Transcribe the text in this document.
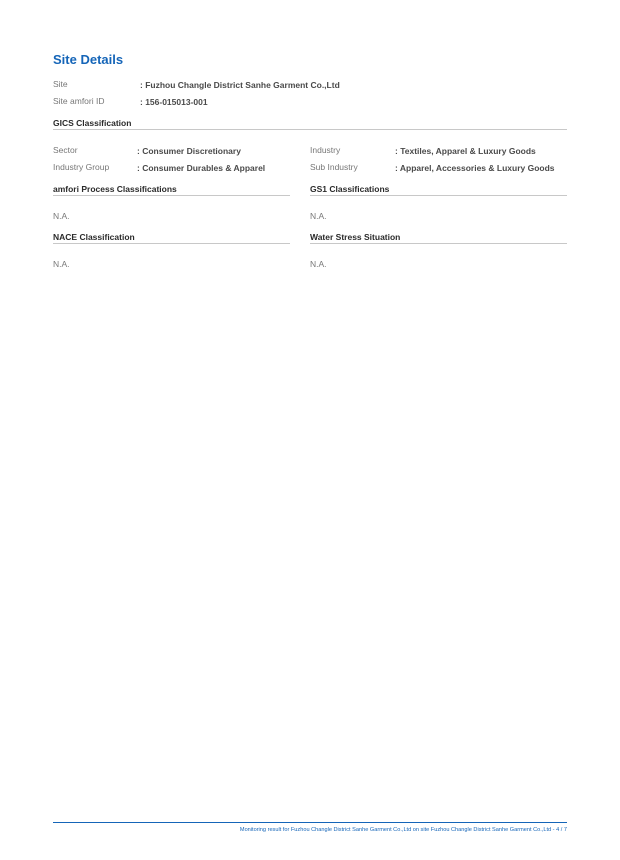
Site Details
Site	: Fuzhou Changle District Sanhe Garment Co.,Ltd
Site amfori ID	: 156-015013-001
GICS Classification
Sector	: Consumer Discretionary
Industry Group	: Consumer Durables & Apparel
Industry	: Textiles, Apparel & Luxury Goods
Sub Industry	: Apparel, Accessories & Luxury Goods
amfori Process Classifications
N.A.
GS1 Classifications
N.A.
NACE Classification
N.A.
Water Stress Situation
N.A.
Monitoring result for Fuzhou Changle District Sanhe Garment Co.,Ltd on site Fuzhou Changle District Sanhe Garment Co.,Ltd - 4 / 7
